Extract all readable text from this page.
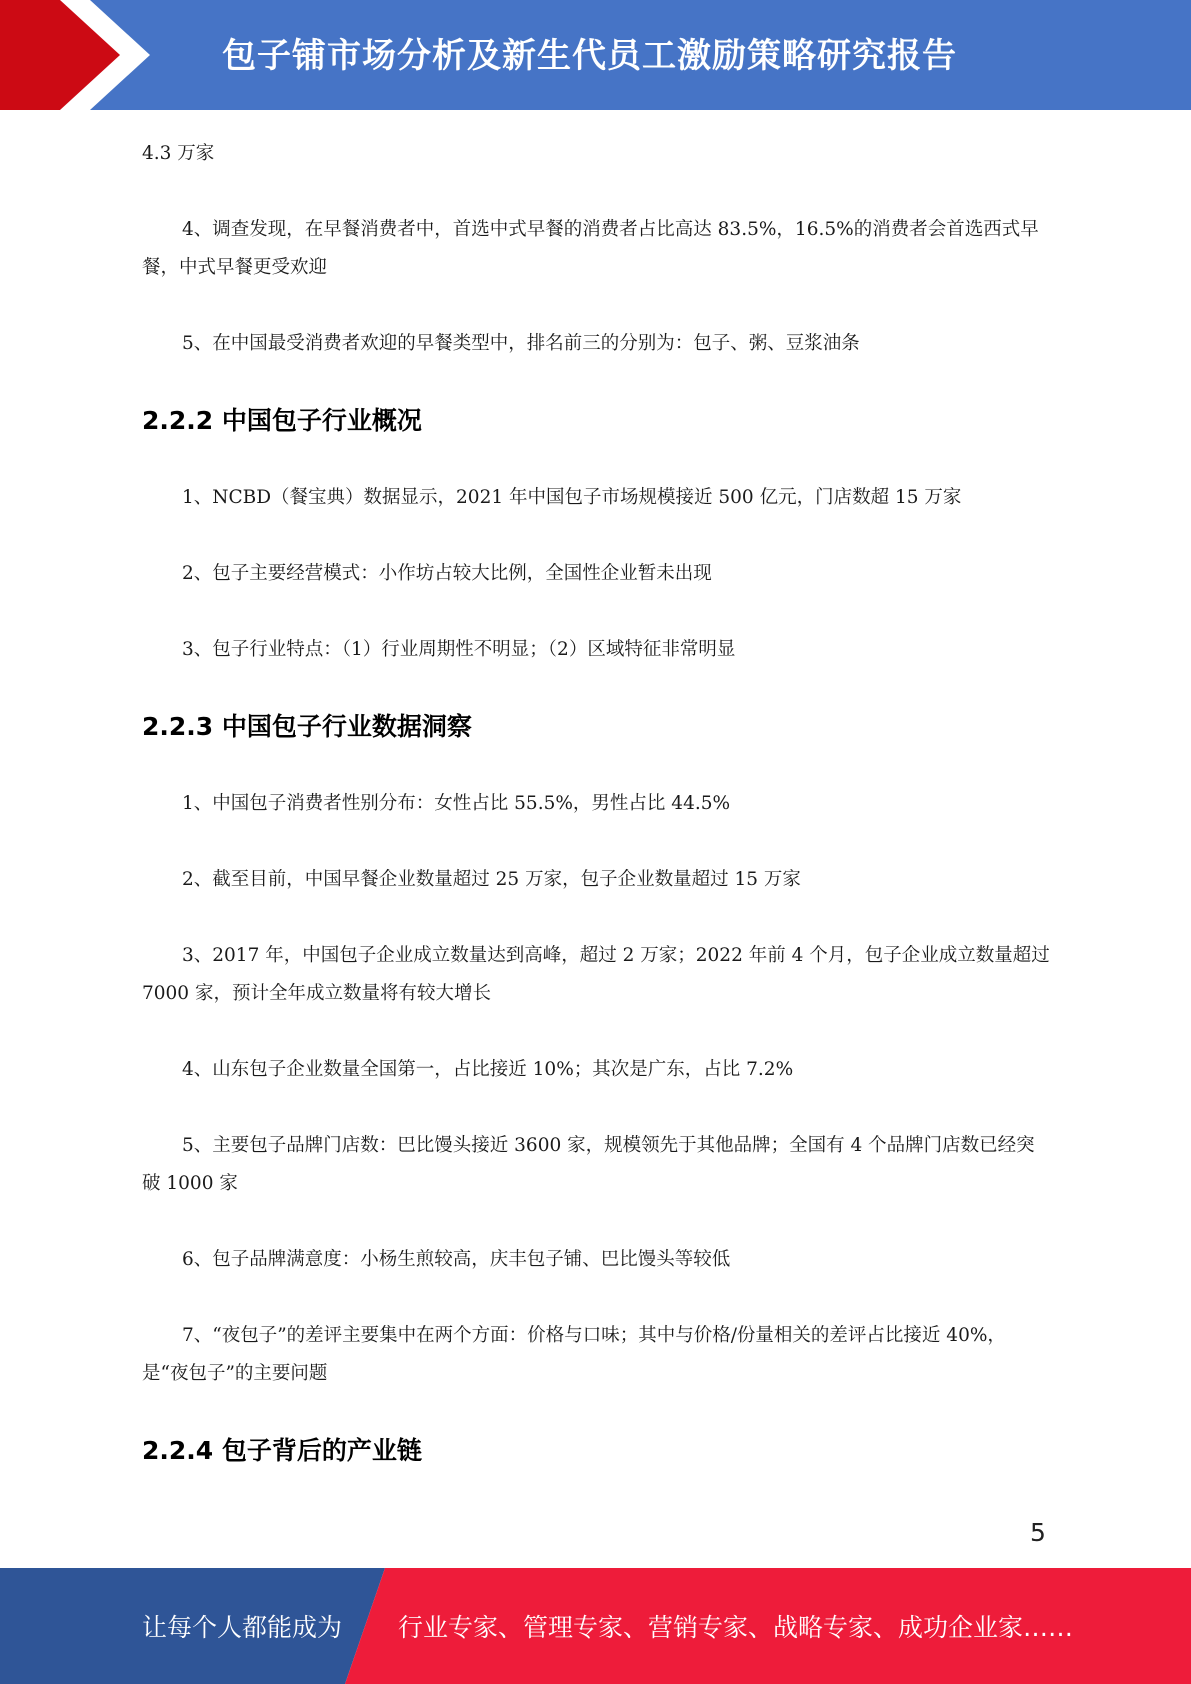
包子铺市场分析及新生代员工激励策略研究报告

4.3 万家

4、调查发现，在早餐消费者中，首选中式早餐的消费者占比高达 83.5%，16.5%的消费者会首选西式早餐，中式早餐更受欢迎

5、在中国最受消费者欢迎的早餐类型中，排名前三的分别为：包子、粥、豆浆油条

2.2.2 中国包子行业概况

1、NCBD（餐宝典）数据显示，2021 年中国包子市场规模接近 500 亿元，门店数超 15 万家

2、包子主要经营模式：小作坊占较大比例，全国性企业暂未出现

3、包子行业特点：（1）行业周期性不明显；（2）区域特征非常明显

2.2.3 中国包子行业数据洞察

1、中国包子消费者性别分布：女性占比 55.5%，男性占比 44.5%

2、截至目前，中国早餐企业数量超过 25 万家，包子企业数量超过 15 万家

3、2017 年，中国包子企业成立数量达到高峰，超过 2 万家；2022 年前 4 个月，包子企业成立数量超过 7000 家，预计全年成立数量将有较大增长

4、山东包子企业数量全国第一，占比接近 10%；其次是广东，占比 7.2%

5、主要包子品牌门店数：巴比馒头接近 3600 家，规模领先于其他品牌；全国有 4 个品牌门店数已经突破 1000 家

6、包子品牌满意度：小杨生煎较高，庆丰包子铺、巴比馒头等较低

7、“夜包子”的差评主要集中在两个方面：价格与口味；其中与价格/份量相关的差评占比接近 40%，是“夜包子”的主要问题

2.2.4 包子背后的产业链
5
让每个人都能成为 行业专家、管理专家、营销专家、战略专家、成功企业家……
